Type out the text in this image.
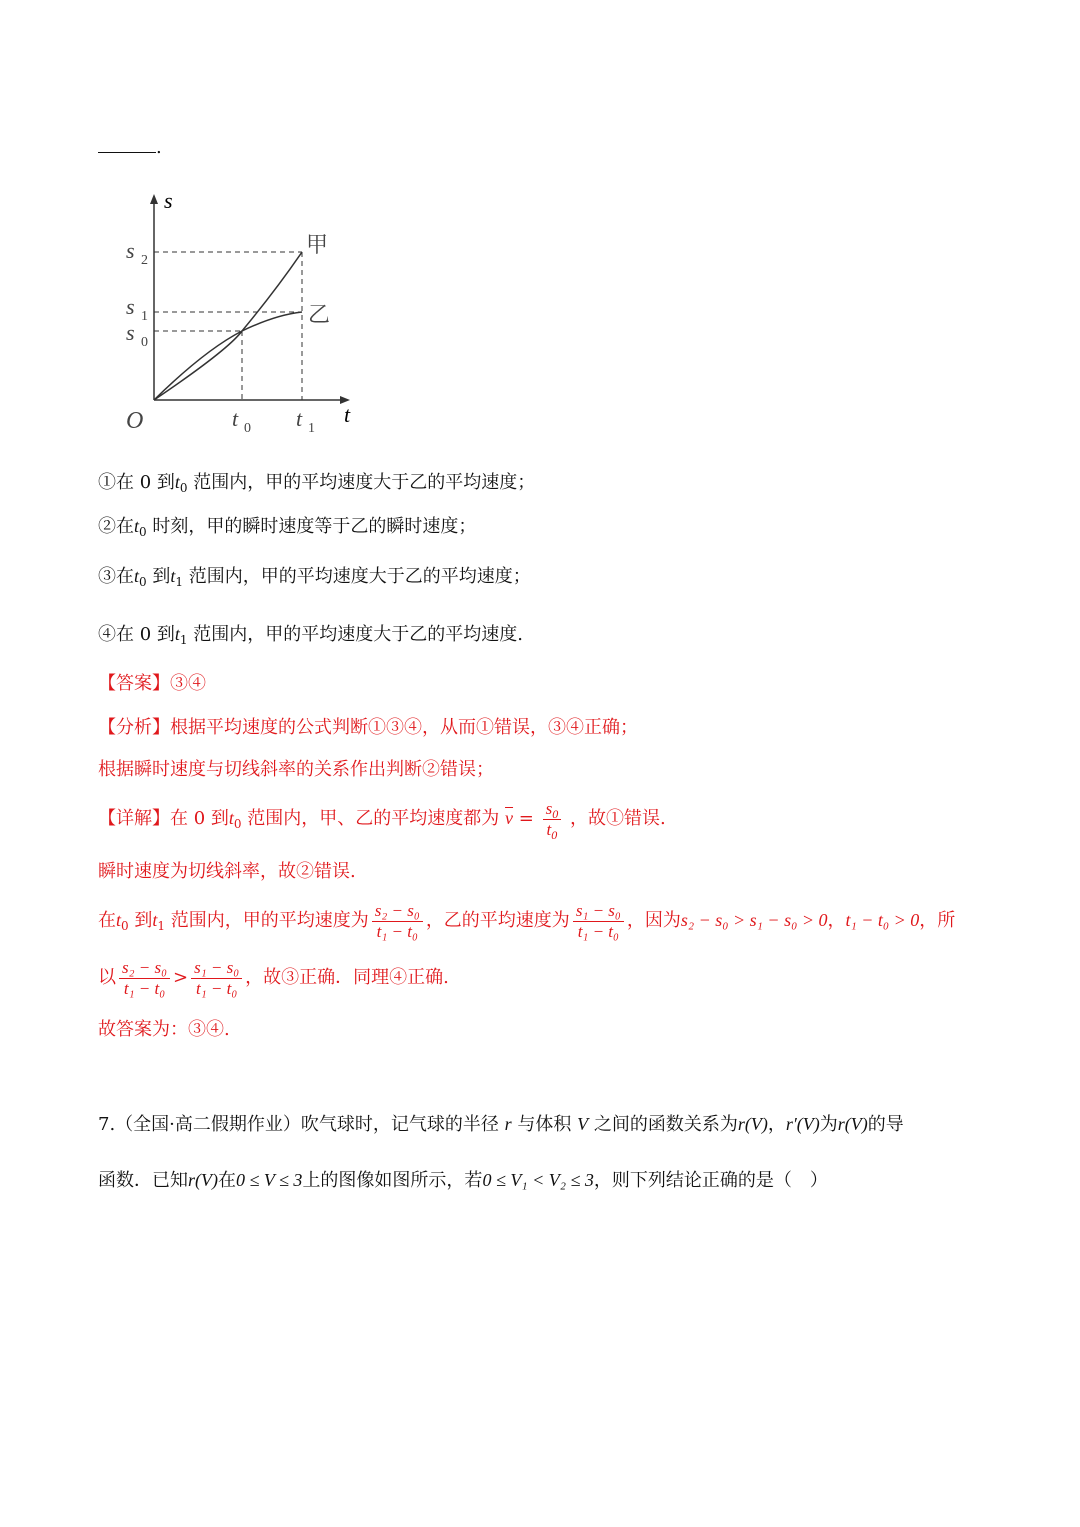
.
s
t
O
s 2
s 1
s 0
t 0 t 1
甲
乙
①在 0 到$t_0$ 范围内，甲的平均速度大于乙的平均速度；
②在$t_0$ 时刻，甲的瞬时速度等于乙的瞬时速度；
③在$t_0$ 到$t_1$ 范围内，甲的平均速度大于乙的平均速度；
④在 0 到$t_1$ 范围内，甲的平均速度大于乙的平均速度.
【答案】③④
【分析】根据平均速度的公式判断①③④，从而①错误，③④正确；
根据瞬时速度与切线斜率的关系作出判断②错误；
【详解】在 0 到$t_0$ 范围内，甲、乙的平均速度都为 $\overline{v} = \frac{s_0}{t_0}$ ，故①错误.
瞬时速度为切线斜率，故②错误.
在$t_0$ 到$t_1$ 范围内，甲的平均速度为 $\frac{\text{s₂ − s₀}}{\text{t₁ − t₀}}$ ，乙的平均速度为 $\frac{\text{s₁ − s₀}}{\text{t₁ − t₀}}$ ，因为s₂ − s₀ > s₁ − s₀ > 0，t₁ − t₀ > 0，所
以 $\frac{\text{s₂ − s₀}}{\text{t₁ − t₀}} > \frac{\text{s₁ − s₀}}{\text{t₁ − t₀}}$ ，故③正确．同理④正确.
故答案为：③④.
7.（全国·高二假期作业）吹气球时，记气球的半径 r 与体积 V 之间的函数关系为r(V)，r′(V)为r(V)的导
函数．已知r(V)在0 ≤ V ≤ 3上的图像如图所示，若0 ≤ V₁ < V₂ ≤ 3，则下列结论正确的是（　）
